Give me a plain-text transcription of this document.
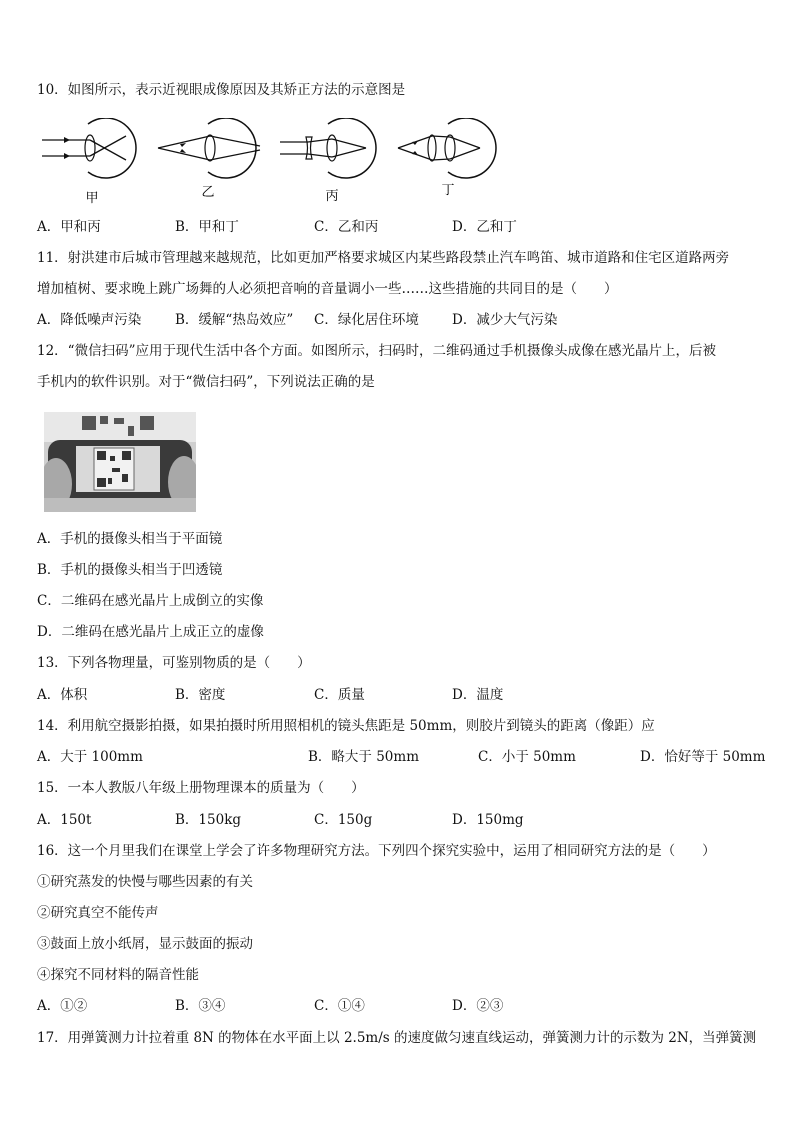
10．如图所示，表示近视眼成像原因及其矫正方法的示意图是
甲	乙	丙	丁
A．甲和丙	B．甲和丁	C．乙和丙	D．乙和丁
11．射洪建市后城市管理越来越规范，比如更加严格要求城区内某些路段禁止汽车鸣笛、城市道路和住宅区道路两旁
增加植树、要求晚上跳广场舞的人必须把音响的音量调小一些……这些措施的共同目的是（　　）
A．降低噪声污染	B．缓解“热岛效应” C．绿化居住环境 D．减少大气污染
12．“微信扫码”应用于现代生活中各个方面。如图所示，扫码时，二维码通过手机摄像头成像在感光晶片上，后被
手机内的软件识别。对于“微信扫码”，下列说法正确的是
A．手机的摄像头相当于平面镜
B．手机的摄像头相当于凹透镜
C．二维码在感光晶片上成倒立的实像
D．二维码在感光晶片上成正立的虚像
13．下列各物理量，可鉴别物质的是（　　）
A．体积	B．密度	C．质量	D．温度
14．利用航空摄影拍摄，如果拍摄时所用照相机的镜头焦距是 50mm，则胶片到镜头的距离（像距）应
A．大于 100mm	B．略大于 50mm	C．小于 50mm	D．恰好等于 50mm
15．一本人教版八年级上册物理课本的质量为（　　）
A．150t	B．150kg	C．150g	D．150mg
16．这一个月里我们在课堂上学会了许多物理研究方法。下列四个探究实验中，运用了相同研究方法的是（　　）
①研究蒸发的快慢与哪些因素的有关
②研究真空不能传声
③鼓面上放小纸屑，显示鼓面的振动
④探究不同材料的隔音性能
A．①②	B．③④	C．①④	D．②③
17．用弹簧测力计拉着重 8N 的物体在水平面上以 2.5m/s 的速度做匀速直线运动，弹簧测力计的示数为 2N，当弹簧测
